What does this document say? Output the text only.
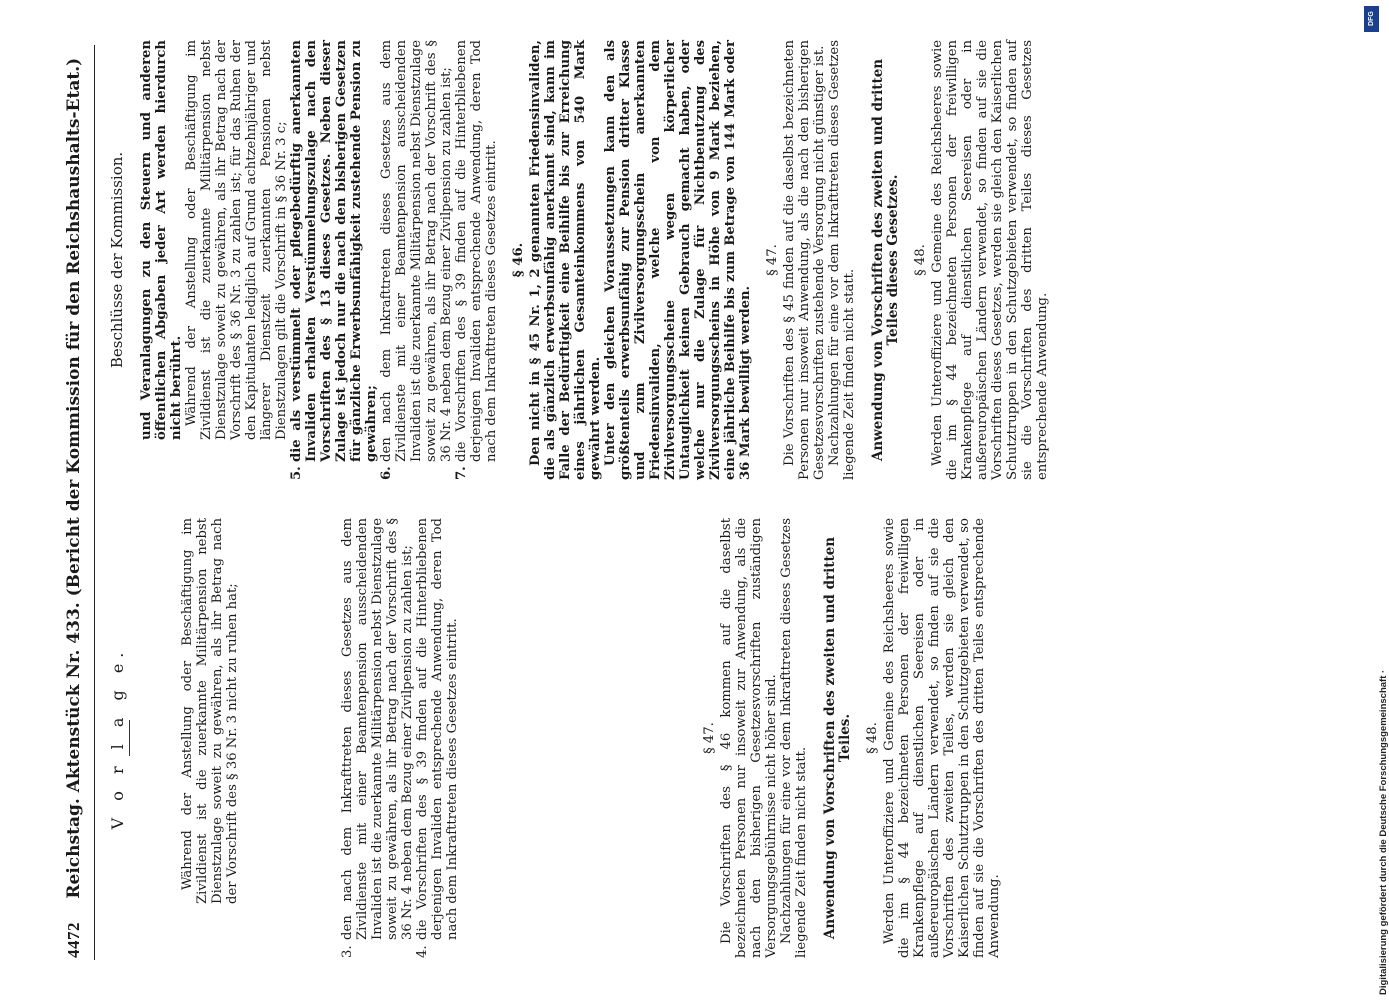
4472 Reichstag. Aktenstück Nr. 433. (Bericht der Kommission für den Reichshaushalts-Etat.)	V o r l a g e.	Während der Anstellung oder Beschäftigung im Zivildienst ist die zuerkannte Militärpension nebst Dienstzulage soweit zu gewähren, als ihr Betrag nach der Vorschrift des § 36 Nr. 3 nicht zu ruhen hat;

3.
den nach dem Inkrafttreten dieses Gesetzes aus dem Zivildienste mit einer Beamtenpension ausscheidenden Invaliden ist die zuerkannte Militärpension nebst Dienstzulage soweit zu gewähren, als ihr Betrag nach der Vorschrift des § 36 Nr. 4 neben dem Bezug einer Zivilpension zu zahlen ist;
4.
die Vorschriften des § 39 finden auf die Hinterbliebenen derjenigen Invaliden entsprechende Anwendung, deren Tod nach dem Inkrafttreten dieses Gesetzes eintritt.	§ 47. Die Vorschriften des § 46 kommen auf die daselbst bezeichneten Personen nur insoweit zur Anwendung, als die nach den bisherigen Gesetzesvorschriften zuständigen Versorgungsgebührnisse nicht höher sind. Nachzahlungen für eine vor dem Inkrafttreten dieses Gesetzes liegende Zeit finden nicht statt. Anwendung von Vorschriften des zweiten und dritten Teiles. § 48. Werden Unteroffiziere und Gemeine des Reichsheeres sowie die im § 44 bezeichneten Personen der freiwilligen Krankenpflege auf dienstlichen Seereisen oder in außereuropäischen Ländern verwendet, so finden auf sie die Vorschriften des zweiten Teiles, werden sie gleich den Kaiserlichen Schutztruppen in den Schutzgebieten verwendet, so finden auf sie die Vorschriften des dritten Teiles entsprechende Anwendung.

Beschlüsse der Kommission. und Veranlagungen zu den Steuern und anderen öffentlichen Abgaben jeder Art werden hierdurch nicht berührt. Während der Anstellung oder Beschäftigung im Zivildienst ist die zuerkannte Militärpension nebst Dienstzulage soweit zu gewähren, als ihr Betrag nach der Vorschrift des § 36 Nr. 3 zu zahlen ist; für das Ruhen der den Kapitulanten lediglich auf Grund achtzehnjähriger und längerer Dienstzeit zuerkannten Pensionen nebst Dienstzulagen gilt die Vorschrift in § 36 Nr. 3 c;

5.
die als verstümmelt oder pflegebedürftig anerkannten Invaliden erhalten Verstümmelungszulage nach den Vorschriften des § 13 dieses Gesetzes. Neben dieser Zulage ist jedoch nur die nach den bisherigen Gesetzen für gänzliche Erwerbsunfähigkeit zustehende Pension zu gewähren;
6.
den nach dem Inkrafttreten dieses Gesetzes aus dem Zivildienste mit einer Beamtenpension ausscheidenden Invaliden ist die zuerkannte Militärpension nebst Dienstzulage soweit zu gewähren, als ihr Betrag nach der Vorschrift des § 36 Nr. 4 neben dem Bezug einer Zivilpension zu zahlen ist;
7.
die Vorschriften des § 39 finden auf die Hinterbliebenen derjenigen Invaliden entsprechende Anwendung, deren Tod nach dem Inkrafttreten dieses Gesetzes eintritt. § 46. Den nicht in § 45 Nr. 1, 2 genannten Friedensinvaliden, die als gänzlich erwerbsunfähig anerkannt sind, kann im Falle der Bedürftigkeit eine Beihilfe bis zur Erreichung eines jährlichen Gesamteinkommens von 540 Mark gewährt werden. Unter den gleichen Voraussetzungen kann den als größtenteils erwerbsunfähig zur Pension dritter Klasse und zum Zivilversorgungsschein anerkannten Friedensinvaliden, welche von dem Zivilversorgungsscheine wegen körperlicher Untauglichkeit keinen Gebrauch gemacht haben, oder welche nur die Zulage für Nichtbenutzung des Zivilversorgungsscheins in Höhe von 9 Mark beziehen, eine jährliche Beihilfe bis zum Betrage von 144 Mark oder 36 Mark bewilligt werden.

§ 47. Die Vorschriften des § 45 finden auf die daselbst bezeichneten Personen nur insoweit Anwendung, als die nach den bisherigen Gesetzesvorschriften zustehende Versorgung nicht günstiger ist. Nachzahlungen für eine vor dem Inkrafttreten dieses Gesetzes liegende Zeit finden nicht statt. Anwendung von Vorschriften des zweiten und dritten Teiles dieses Gesetzes. § 48. Werden Unteroffiziere und Gemeine des Reichsheeres sowie die im § 44 bezeichneten Personen der freiwilligen Krankenpflege auf dienstlichen Seereisen oder in außereuropäischen Ländern verwendet, so finden auf sie die Vorschriften dieses Gesetzes, werden sie gleich den Kaiserlichen Schutztruppen in den Schutzgebieten verwendet, so finden auf sie die Vorschriften des dritten Teiles dieses Gesetzes entsprechende Anwendung.

DFG
Digitalisierung gefördert durch die Deutsche Forschungsgemeinschaft ·
